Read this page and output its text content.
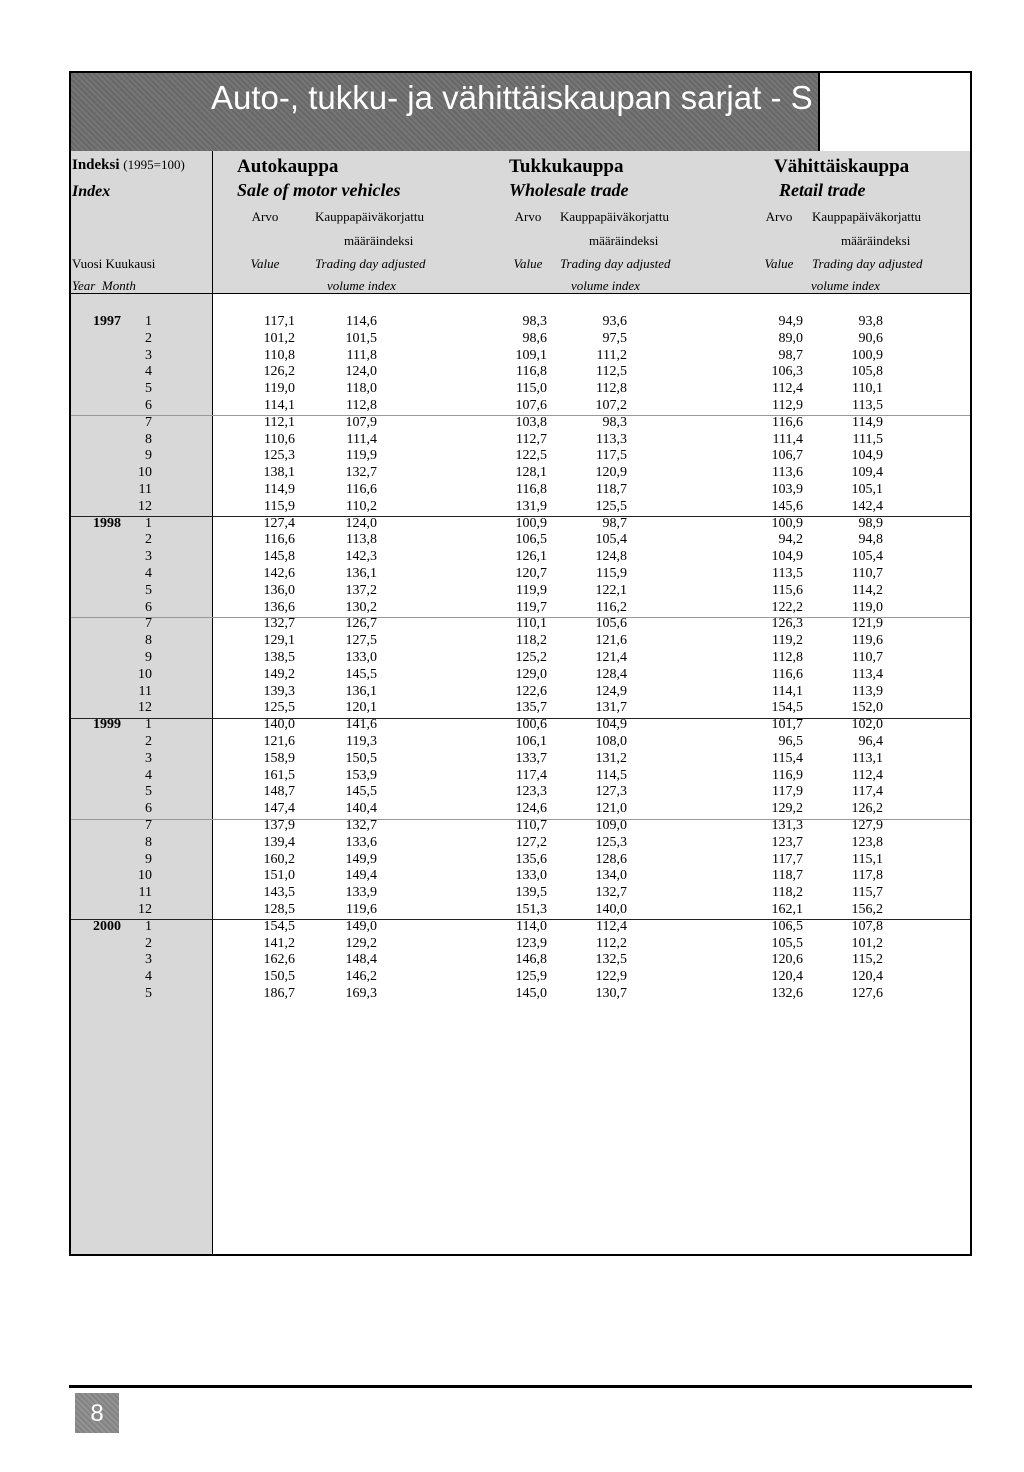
Auto-, tukku- ja vähittäiskaupan sarjat - S
Indeksi (1995=100)
Index
Vuosi Kuukausi
Year Month
Autokauppa
Sale of motor vehicles
Arvo	Kauppapäiväkorjattu
määräindeksi
Value	Trading day adjusted
volume index
Tukkukauppa
Wholesale trade
Arvo Kauppapäiväkorjattu
määräindeksi
Value Trading day adjusted
volume index
Vähittäiskauppa
Retail trade
Arvo Kauppapäiväkorjattu
määräindeksi
Value Trading day adjusted
volume index
1997	1	117,1	114,6	98,3	93,6	94,9	93,8
2	101,2	101,5	98,6	97,5	89,0	90,6
3	110,8	111,8	109,1	111,2	98,7	100,9
4	126,2	124,0	116,8	112,5	106,3	105,8
5	119,0	118,0	115,0	112,8	112,4	110,1
6	114,1	112,8	107,6	107,2	112,9	113,5
7	112,1	107,9	103,8	98,3	116,6	114,9
8	110,6	111,4	112,7	113,3	111,4	111,5
9	125,3	119,9	122,5	117,5	106,7	104,9
10	138,1	132,7	128,1	120,9	113,6	109,4
11	114,9	116,6	116,8	118,7	103,9	105,1
12	115,9	110,2	131,9	125,5	145,6	142,4
1998	1	127,4	124,0	100,9	98,7	100,9	98,9
2	116,6	113,8	106,5	105,4	94,2	94,8
3	145,8	142,3	126,1	124,8	104,9	105,4
4	142,6	136,1	120,7	115,9	113,5	110,7
5	136,0	137,2	119,9	122,1	115,6	114,2
6	136,6	130,2	119,7	116,2	122,2	119,0
7	132,7	126,7	110,1	105,6	126,3	121,9
8	129,1	127,5	118,2	121,6	119,2	119,6
9	138,5	133,0	125,2	121,4	112,8	110,7
10	149,2	145,5	129,0	128,4	116,6	113,4
11	139,3	136,1	122,6	124,9	114,1	113,9
12	125,5	120,1	135,7	131,7	154,5	152,0
1999	1	140,0	141,6	100,6	104,9	101,7	102,0
2	121,6	119,3	106,1	108,0	96,5	96,4
3	158,9	150,5	133,7	131,2	115,4	113,1
4	161,5	153,9	117,4	114,5	116,9	112,4
5	148,7	145,5	123,3	127,3	117,9	117,4
6	147,4	140,4	124,6	121,0	129,2	126,2
7	137,9	132,7	110,7	109,0	131,3	127,9
8	139,4	133,6	127,2	125,3	123,7	123,8
9	160,2	149,9	135,6	128,6	117,7	115,1
10	151,0	149,4	133,0	134,0	118,7	117,8
11	143,5	133,9	139,5	132,7	118,2	115,7
12	128,5	119,6	151,3	140,0	162,1	156,2
2000	1	154,5	149,0	114,0	112,4	106,5	107,8
2	141,2	129,2	123,9	112,2	105,5	101,2
3	162,6	148,4	146,8	132,5	120,6	115,2
4	150,5	146,2	125,9	122,9	120,4	120,4
5	186,7	169,3	145,0	130,7	132,6	127,6
8
